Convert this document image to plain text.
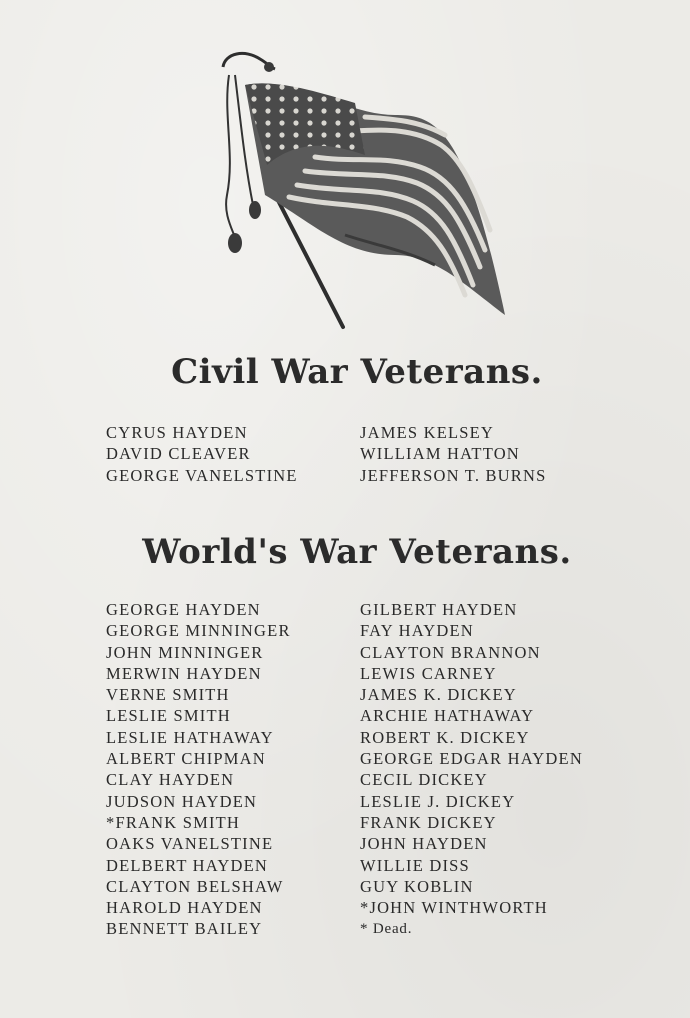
Civil War Veterans.
CYRUS HAYDEN
DAVID CLEAVER
GEORGE VANELSTINE
JAMES KELSEY
WILLIAM HATTON
JEFFERSON T. BURNS
World's War Veterans.
GEORGE HAYDEN
GEORGE MINNINGER
JOHN MINNINGER
MERWIN HAYDEN
VERNE SMITH
LESLIE SMITH
LESLIE HATHAWAY
ALBERT CHIPMAN
CLAY HAYDEN
JUDSON HAYDEN
*FRANK SMITH
OAKS VANELSTINE
DELBERT HAYDEN
CLAYTON BELSHAW
HAROLD HAYDEN
BENNETT BAILEY
GILBERT HAYDEN
FAY HAYDEN
CLAYTON BRANNON
LEWIS CARNEY
JAMES K. DICKEY
ARCHIE HATHAWAY
ROBERT K. DICKEY
GEORGE EDGAR HAYDEN
CECIL DICKEY
LESLIE J. DICKEY
FRANK DICKEY
JOHN HAYDEN
WILLIE DISS
GUY KOBLIN
*JOHN WINTHWORTH
* Dead.
